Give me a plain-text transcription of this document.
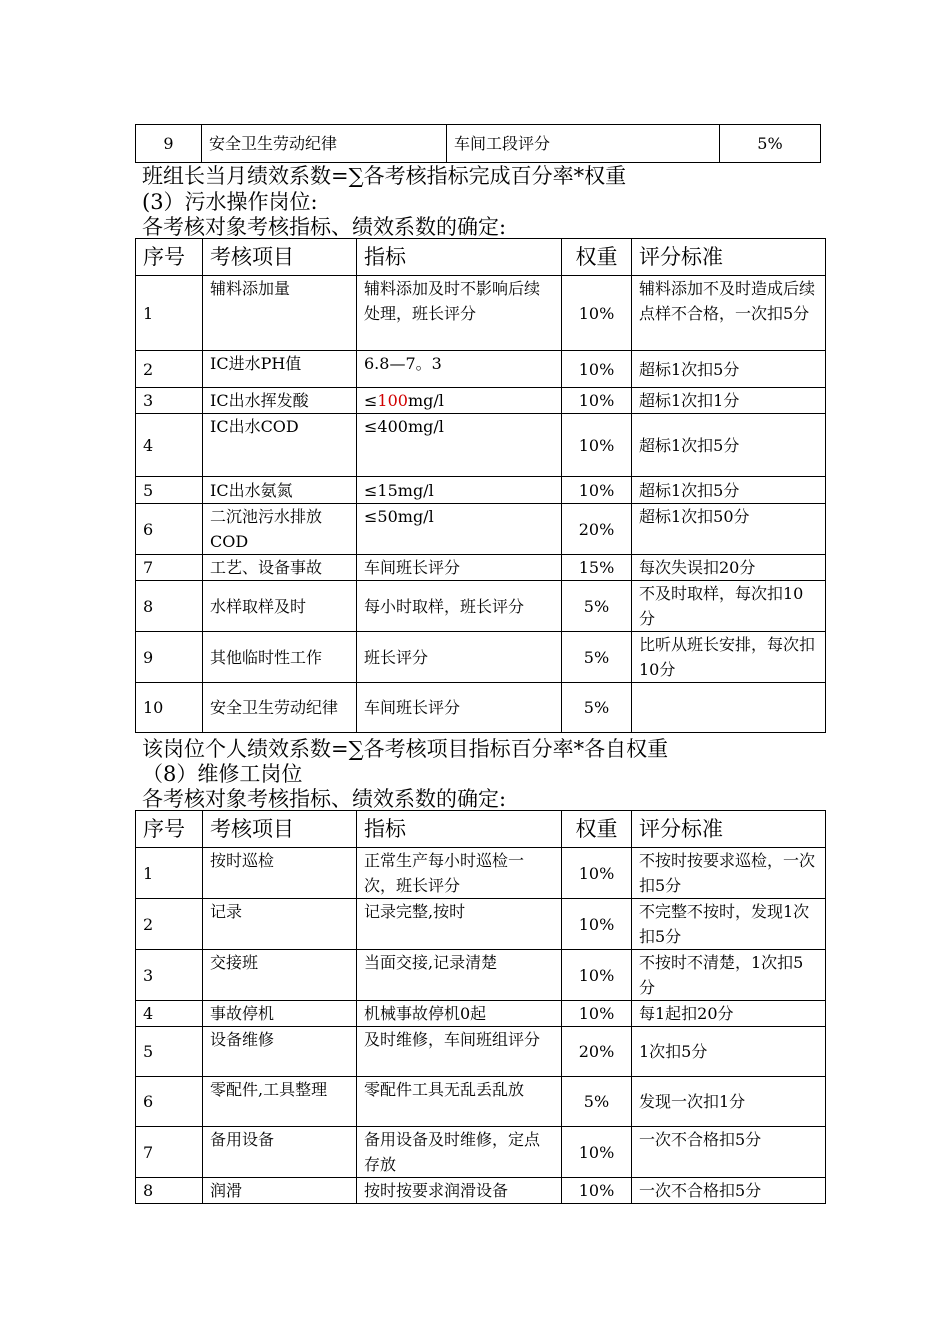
9	安全卫生劳动纪律	车间工段评分	5%
班组长当月绩效系数=∑各考核指标完成百分率*权重
(3）污水操作岗位:
各考核对象考核指标、绩效系数的确定:
序号	考核项目	指标	权重	评分标准
1	辅料添加量	辅料添加及时不影响后续处理，班长评分	10%	辅料添加不及时造成后续点样不合格，一次扣5分
2	IC进水PH值	6.8—7。3	10%	超标1次扣5分
3	IC出水挥发酸	≤100mg/l	10%	超标1次扣1分
4	IC出水COD	≤400mg/l	10%	超标1次扣5分
5	IC出水氨氮	≤15mg/l	10%	超标1次扣5分
6	二沉池污水排放COD	≤50mg/l	20%	超标1次扣50分
7	工艺、设备事故	车间班长评分	15%	每次失误扣20分
8	水样取样及时	每小时取样，班长评分	5%	不及时取样，每次扣10分
9	其他临时性工作	班长评分	5%	比听从班长安排，每次扣10分
10	安全卫生劳动纪律	车间班长评分	5%	
该岗位个人绩效系数=∑各考核项目指标百分率*各自权重
（8）维修工岗位
各考核对象考核指标、绩效系数的确定:
序号	考核项目	指标	权重	评分标准
1	按时巡检	正常生产每小时巡检一次，班长评分	10%	不按时按要求巡检，一次扣5分
2	记录	记录完整,按时	10%	不完整不按时，发现1次扣5分
3	交接班	当面交接,记录清楚	10%	不按时不清楚，1次扣5分
4	事故停机	机械事故停机0起	10%	每1起扣20分
5	设备维修	及时维修，车间班组评分	20%	1次扣5分
6	零配件,工具整理	零配件工具无乱丢乱放	5%	发现一次扣1分
7	备用设备	备用设备及时维修，定点存放	10%	一次不合格扣5分
8	润滑	按时按要求润滑设备	10%	一次不合格扣5分
